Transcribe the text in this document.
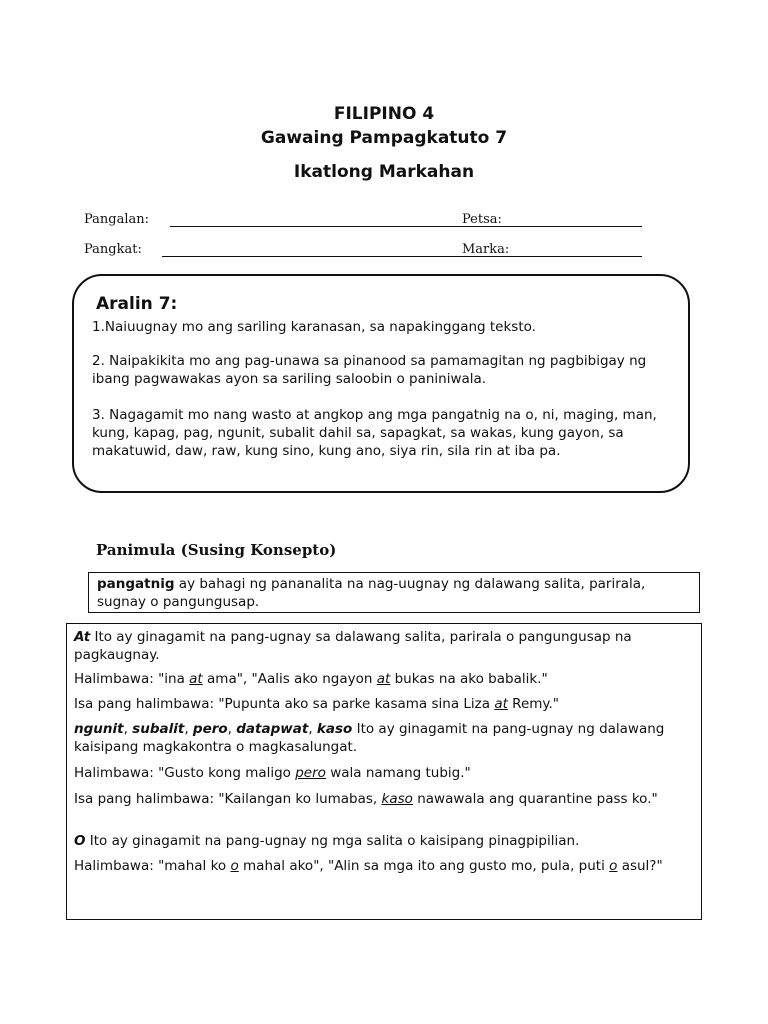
FILIPINO 4
Gawaing Pampagkatuto 7
Ikatlong Markahan
Pangalan:	Petsa:
Pangkat:	Marka:
Aralin 7:
1.Naiuugnay mo ang sariling karanasan, sa napakinggang teksto.
2. Naipakikita mo ang pag-unawa sa pinanood sa pamamagitan ng pagbibigay ng ibang pagwawakas ayon sa sariling saloobin o paniniwala.
3. Nagagamit mo nang wasto at angkop ang mga pangatnig na o, ni, maging, man, kung, kapag, pag, ngunit, subalit dahil sa, sapagkat, sa wakas, kung gayon, sa makatuwid, daw, raw, kung sino, kung ano, siya rin, sila rin at iba pa.
Panimula (Susing Konsepto)
pangatnig ay bahagi ng pananalita na nag-uugnay ng dalawang salita, parirala, sugnay o pangungusap.
At Ito ay ginagamit na pang-ugnay sa dalawang salita, parirala o pangungusap na pagkaugnay.
Halimbawa: "ina at ama", "Aalis ako ngayon at bukas na ako babalik."
Isa pang halimbawa: "Pupunta ako sa parke kasama sina Liza at Remy."
ngunit, subalit, pero, datapwat, kaso Ito ay ginagamit na pang-ugnay ng dalawang kaisipang magkakontra o magkasalungat.
Halimbawa: "Gusto kong maligo pero wala namang tubig."
Isa pang halimbawa: "Kailangan ko lumabas, kaso nawawala ang quarantine pass ko."
O Ito ay ginagamit na pang-ugnay ng mga salita o kaisipang pinagpipilian.
Halimbawa: "mahal ko o mahal ako", "Alin sa mga ito ang gusto mo, pula, puti o asul?"
